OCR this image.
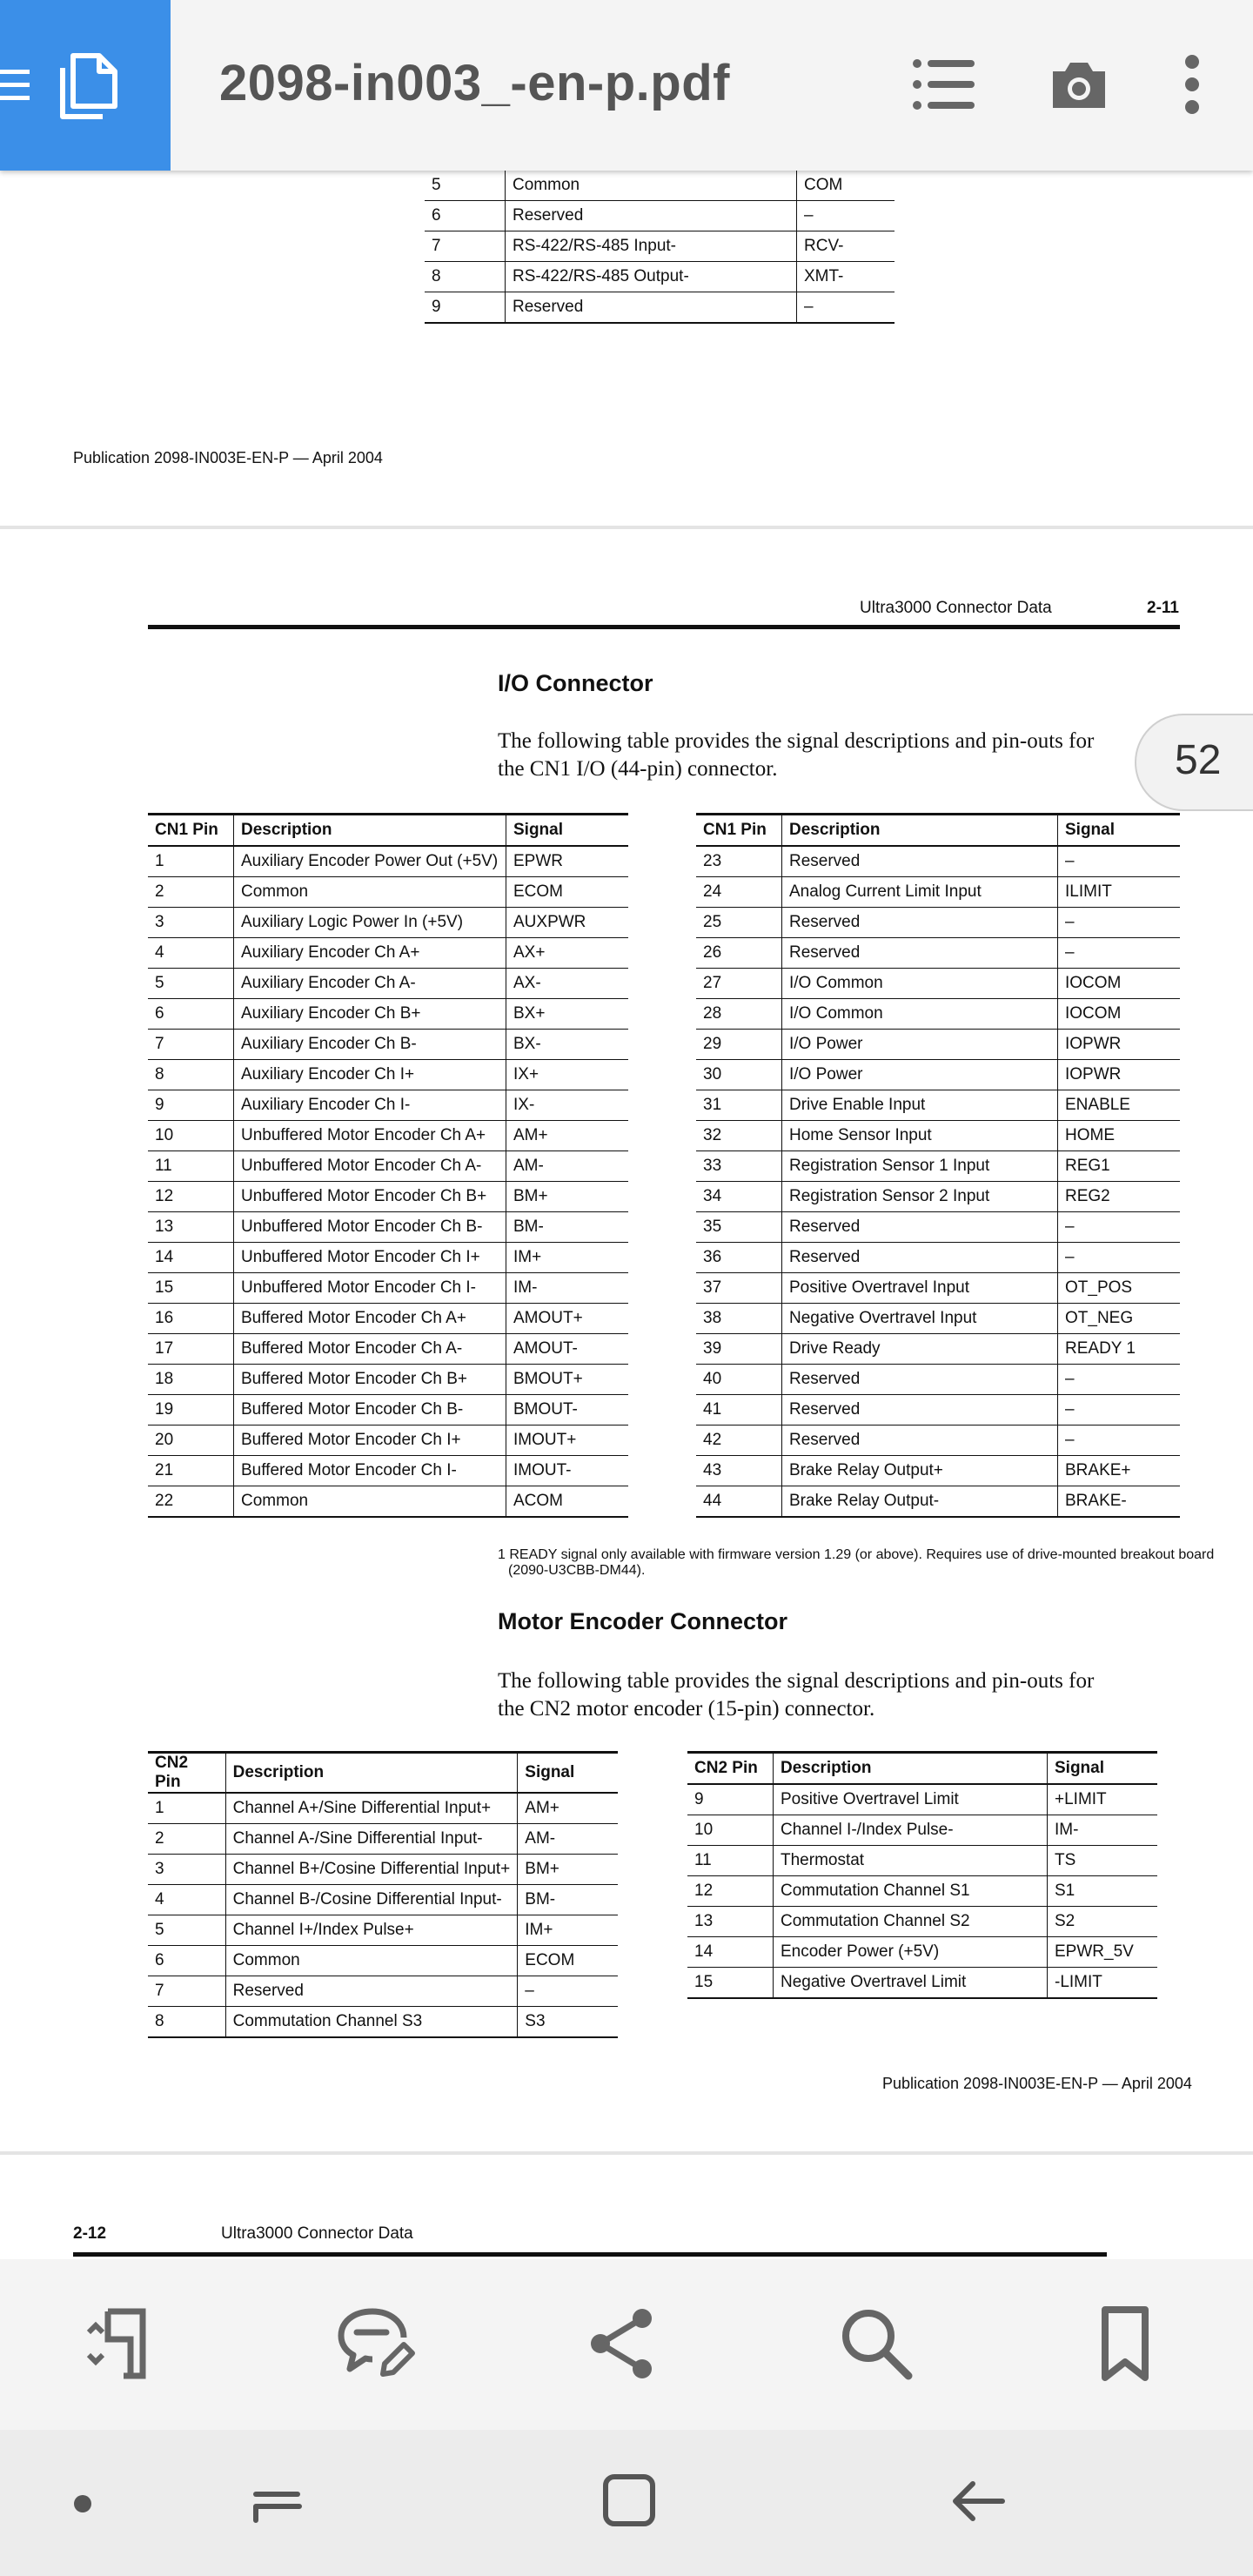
2098-in003_-en-p.pdf
5	Common	COM
6	Reserved	–
7	RS-422/RS-485 Input-	RCV-
8	RS-422/RS-485 Output-	XMT-
9	Reserved	–
Publication 2098-IN003E-EN-P — April 2004
Ultra3000 Connector Data	2-11
I/O Connector
The following table provides the signal descriptions and pin-outs for
the CN1 I/O (44-pin) connector.
CN1 Pin	Description	Signal
1	Auxiliary Encoder Power Out (+5V)	EPWR
2	Common	ECOM
3	Auxiliary Logic Power In (+5V)	AUXPWR
4	Auxiliary Encoder Ch A+	AX+
5	Auxiliary Encoder Ch A-	AX-
6	Auxiliary Encoder Ch B+	BX+
7	Auxiliary Encoder Ch B-	BX-
8	Auxiliary Encoder Ch I+	IX+
9	Auxiliary Encoder Ch I-	IX-
10	Unbuffered Motor Encoder Ch A+	AM+
11	Unbuffered Motor Encoder Ch A-	AM-
12	Unbuffered Motor Encoder Ch B+	BM+
13	Unbuffered Motor Encoder Ch B-	BM-
14	Unbuffered Motor Encoder Ch I+	IM+
15	Unbuffered Motor Encoder Ch I-	IM-
16	Buffered Motor Encoder Ch A+	AMOUT+
17	Buffered Motor Encoder Ch A-	AMOUT-
18	Buffered Motor Encoder Ch B+	BMOUT+
19	Buffered Motor Encoder Ch B-	BMOUT-
20	Buffered Motor Encoder Ch I+	IMOUT+
21	Buffered Motor Encoder Ch I-	IMOUT-
22	Common	ACOM
CN1 Pin	Description	Signal
23	Reserved	–
24	Analog Current Limit Input	ILIMIT
25	Reserved	–
26	Reserved	–
27	I/O Common	IOCOM
28	I/O Common	IOCOM
29	I/O Power	IOPWR
30	I/O Power	IOPWR
31	Drive Enable Input	ENABLE
32	Home Sensor Input	HOME
33	Registration Sensor 1 Input	REG1
34	Registration Sensor 2 Input	REG2
35	Reserved	–
36	Reserved	–
37	Positive Overtravel Input	OT_POS
38	Negative Overtravel Input	OT_NEG
39	Drive Ready	READY 1
40	Reserved	–
41	Reserved	–
42	Reserved	–
43	Brake Relay Output+	BRAKE+
44	Brake Relay Output-	BRAKE-
1 READY signal only available with firmware version 1.29 (or above). Requires use of drive-mounted breakout board
(2090-U3CBB-DM44).
Motor Encoder Connector
The following table provides the signal descriptions and pin-outs for
the CN2 motor encoder (15-pin) connector.
CN2 Pin	Description	Signal
1	Channel A+/Sine Differential Input+	AM+
2	Channel A-/Sine Differential Input-	AM-
3	Channel B+/Cosine Differential Input+	BM+
4	Channel B-/Cosine Differential Input-	BM-
5	Channel I+/Index Pulse+	IM+
6	Common	ECOM
7	Reserved	–
8	Commutation Channel S3	S3
CN2 Pin	Description	Signal
9	Positive Overtravel Limit	+LIMIT
10	Channel I-/Index Pulse-	IM-
11	Thermostat	TS
12	Commutation Channel S1	S1
13	Commutation Channel S2	S2
14	Encoder Power (+5V)	EPWR_5V
15	Negative Overtravel Limit	-LIMIT
Publication 2098-IN003E-EN-P — April 2004
2-12	Ultra3000 Connector Data
52
